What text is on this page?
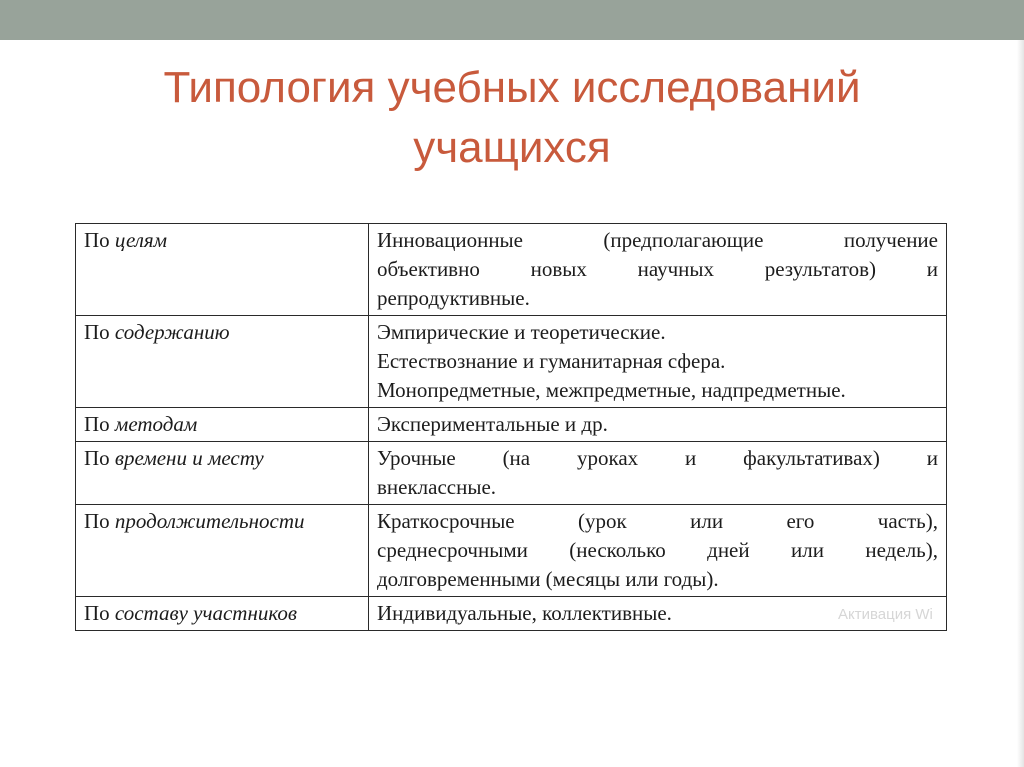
Типология учебных исследований
учащихся
По целям	Инновационные (предполагающие получение
объективно новых научных результатов) и
репродуктивные.

По содержанию	Эмпирические и теоретические.
Естествознание и гуманитарная сфера.
Монопредметные, межпредметные, надпредметные.

По методам	Экспериментальные и др.

По времени и месту	Урочные (на уроках и факультативах) и
внеклассные.

По продолжительности	Краткосрочные (урок или его часть),
среднесрочными (несколько дней или недель),
долговременными (месяцы или годы).

По составу участников	Индивидуальные, коллективные.	Активация Wi
